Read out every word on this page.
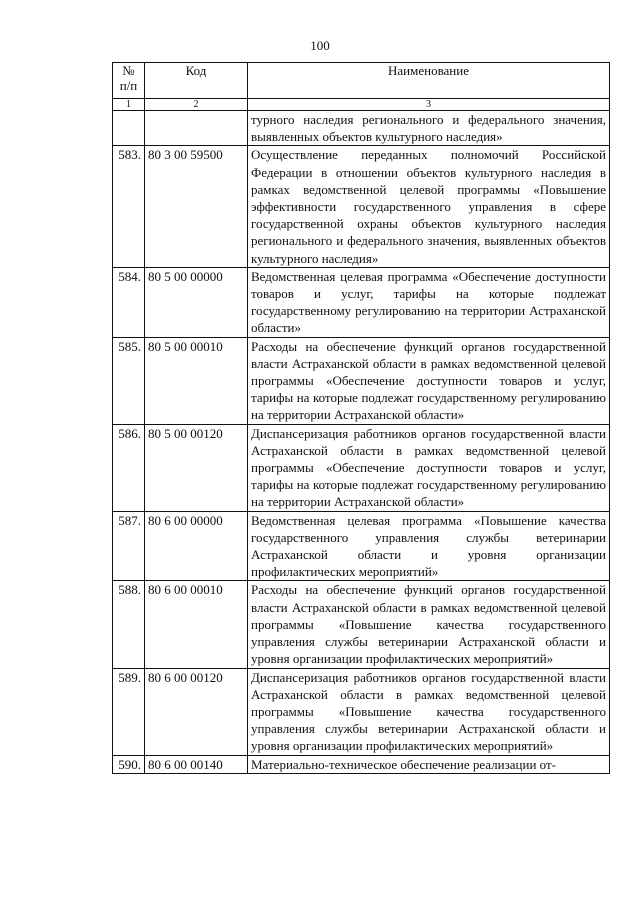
100
№ п/п	Код	Наименование
1	2	3
		турного наследия регионального и федерального значения, выявленных объектов культурного наследия»
583.	80 3 00 59500	Осуществление переданных полномочий Российской Федерации в отношении объектов культурного наследия в рамках ведомственной целевой программы «Повышение эффективности государственного управления в сфере государственной охраны объектов культурного наследия регионального и федерального значения, выявленных объектов культурного наследия»
584.	80 5 00 00000	Ведомственная целевая программа «Обеспечение доступности товаров и услуг, тарифы на которые подлежат государственному регулированию на территории Астраханской области»
585.	80 5 00 00010	Расходы на обеспечение функций органов государственной власти Астраханской области в рамках ведомственной целевой программы «Обеспечение доступности товаров и услуг, тарифы на которые подлежат государственному регулированию на территории Астраханской области»
586.	80 5 00 00120	Диспансеризация работников органов государственной власти Астраханской области в рамках ведомственной целевой программы «Обеспечение доступности товаров и услуг, тарифы на которые подлежат государственному регулированию на территории Астраханской области»
587.	80 6 00 00000	Ведомственная целевая программа «Повышение качества государственного управления службы ветеринарии Астраханской области и уровня организации профилактических мероприятий»
588.	80 6 00 00010	Расходы на обеспечение функций органов государственной власти Астраханской области в рамках ведомственной целевой программы «Повышение качества государственного управления службы ветеринарии Астраханской области и уровня организации профилактических мероприятий»
589.	80 6 00 00120	Диспансеризация работников органов государственной власти Астраханской области в рамках ведомственной целевой программы «Повышение качества государственного управления службы ветеринарии Астраханской области и уровня организации профилактических мероприятий»
590.	80 6 00 00140	Материально-техническое обеспечение реализации от-
